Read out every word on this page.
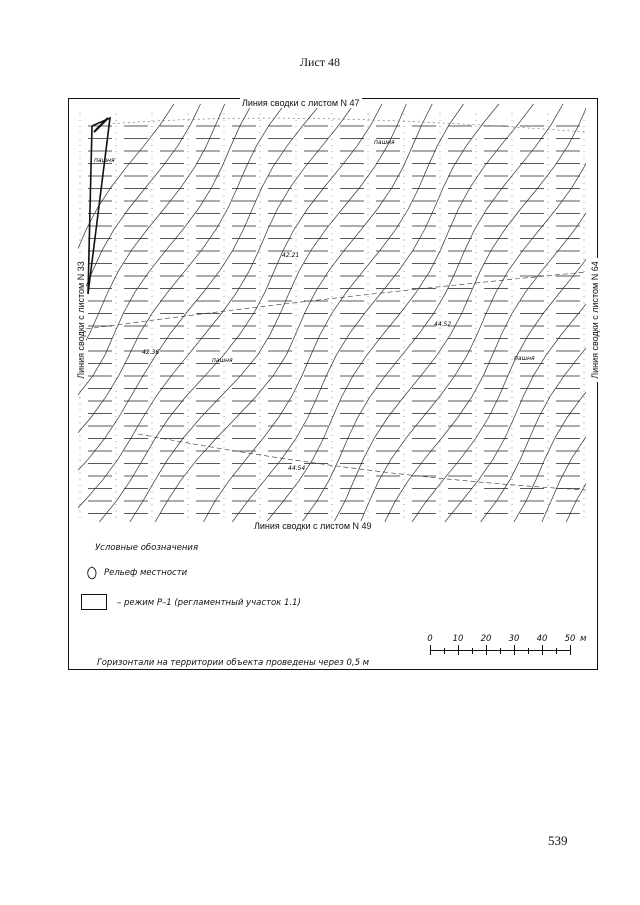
Лист 48
42.21
44.52
42.36
44.54
пашня
пашня
пашня	пашня
Линия сводки с листом N 47
Линия сводки с листом N 49
Линия сводки с листом N 33	Линия сводки с листом N 64
Условные обозначения
Рельеф местности
– режим Р–1 (регламентный участок 1.1)
м
0 10 20 30 40 50
Горизонтали на территории объекта проведены через 0,5 м
539
